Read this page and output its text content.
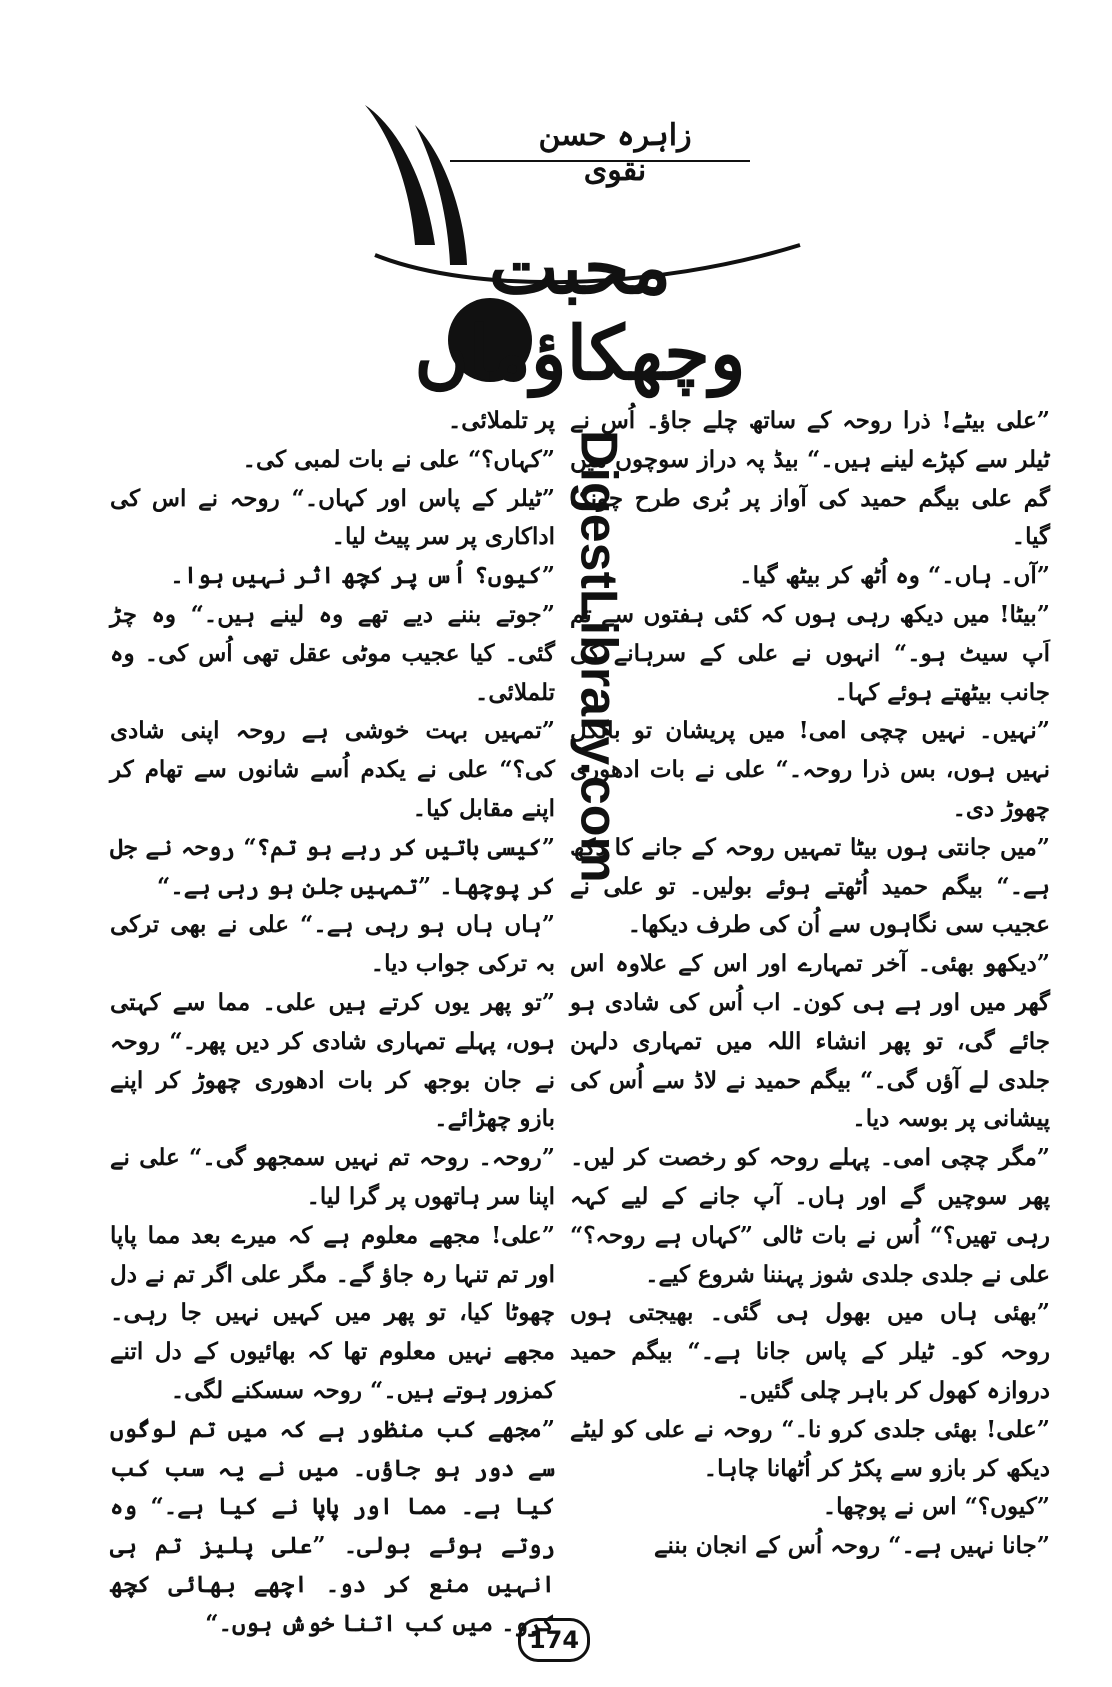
زاہرہ حسن نقوی
محبت وچھکاؤماں
DigestLibrary.com

”علی بیٹے! ذرا روحہ کے ساتھ چلے جاؤ۔ اُس نے ٹیلر سے کپڑے لینے ہیں۔“ بیڈ پہ دراز سوچوں میں گم علی بیگم حمید کی آواز پر بُری طرح چونک گیا۔

”آں۔ ہاں۔“ وہ اُٹھ کر بیٹھ گیا۔

”بیٹا! میں دیکھ رہی ہوں کہ کئی ہفتوں سے تم اَپ سیٹ ہو۔“ انہوں نے علی کے سرہانے کی جانب بیٹھتے ہوئے کہا۔

”نہیں۔ نہیں چچی امی! میں پریشان تو بالکل نہیں ہوں، بس ذرا روحہ۔“ علی نے بات ادھوری چھوڑ دی۔

”میں جانتی ہوں بیٹا تمہیں روحہ کے جانے کا دکھ ہے۔“ بیگم حمید اُٹھتے ہوئے بولیں۔ تو علی نے عجیب سی نگاہوں سے اُن کی طرف دیکھا۔

”دیکھو بھئی۔ آخر تمہارے اور اس کے علاوہ اس گھر میں اور ہے ہی کون۔ اب اُس کی شادی ہو جائے گی، تو پھر انشاء اللہ میں تمہاری دلہن جلدی لے آؤں گی۔“ بیگم حمید نے لاڈ سے اُس کی پیشانی پر بوسہ دیا۔

”مگر چچی امی۔ پہلے روحہ کو رخصت کر لیں۔ پھر سوچیں گے اور ہاں۔ آپ جانے کے لیے کہہ رہی تھیں؟“ اُس نے بات ٹالی ”کہاں ہے روحہ؟“ علی نے جلدی جلدی شوز پہننا شروع کیے۔

”بھئی ہاں میں بھول ہی گئی۔ بھیجتی ہوں روحہ کو۔ ٹیلر کے پاس جانا ہے۔“ بیگم حمید دروازہ کھول کر باہر چلی گئیں۔

”علی! بھئی جلدی کرو نا۔“ روحہ نے علی کو لیٹے دیکھ کر بازو سے پکڑ کر اُٹھانا چاہا۔

”کیوں؟“ اس نے پوچھا۔

”جانا نہیں ہے۔“ روحہ اُس کے انجان بننے

پر تلملائی۔

”کہاں؟“ علی نے بات لمبی کی۔

”ٹیلر کے پاس اور کہاں۔“ روحہ نے اس کی اداکاری پر سر پیٹ لیا۔

”کیوں؟ اُس پر کچھ اثر نہیں ہوا۔

”جوتے بننے دیے تھے وہ لینے ہیں۔“ وہ چڑ گئی۔ کیا عجیب موٹی عقل تھی اُس کی۔ وہ تلملائی۔

”تمہیں بہت خوشی ہے روحہ اپنی شادی کی؟“ علی نے یکدم اُسے شانوں سے تھام کر اپنے مقابل کیا۔

”کیسی باتیں کر رہے ہو تم؟“ روحہ نے جل کر پوچھا۔ ”تمہیں جلن ہو رہی ہے۔“

”ہاں ہاں ہو رہی ہے۔“ علی نے بھی ترکی بہ ترکی جواب دیا۔

”تو پھر یوں کرتے ہیں علی۔ مما سے کہتی ہوں، پہلے تمہاری شادی کر دیں پھر۔“ روحہ نے جان بوجھ کر بات ادھوری چھوڑ کر اپنے بازو چھڑائے۔

”روحہ۔ روحہ تم نہیں سمجھو گی۔“ علی نے اپنا سر ہاتھوں پر گرا لیا۔

”علی! مجھے معلوم ہے کہ میرے بعد مما پاپا اور تم تنہا رہ جاؤ گے۔ مگر علی اگر تم نے دل چھوٹا کیا، تو پھر میں کہیں نہیں جا رہی۔ مجھے نہیں معلوم تھا کہ بھائیوں کے دل اتنے کمزور ہوتے ہیں۔“ روحہ سسکنے لگی۔

”مجھے کب منظور ہے کہ میں تم لوگوں سے دور ہو جاؤں۔ میں نے یہ سب کب کیا ہے۔ مما اور پاپا نے کیا ہے۔“ وہ روتے ہوئے بولی۔ ”علی پلیز تم ہی انہیں منع کر دو۔ اچھے بھائی کچھ کرو۔ میں کب اتنا خوش ہوں۔“

174
